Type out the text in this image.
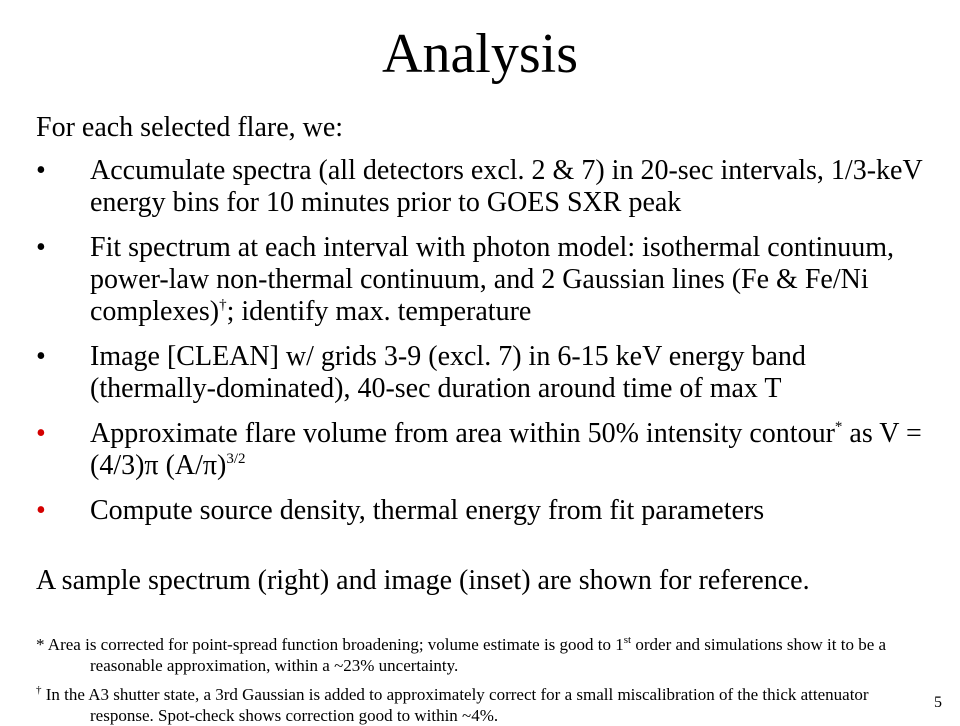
Analysis
For each selected flare, we:
•	Accumulate spectra (all detectors excl. 2 & 7) in 20-sec intervals, 1/3-keV energy bins for 10 minutes prior to GOES SXR peak
•	Fit spectrum at each interval with photon model: isothermal continuum, power-law non-thermal continuum, and 2 Gaussian lines (Fe & Fe/Ni complexes)†; identify max. temperature
•	Image [CLEAN] w/ grids 3-9 (excl. 7) in 6-15 keV energy band (thermally-dominated), 40-sec duration around time of max T
•	Approximate flare volume from area within 50% intensity contour* as V = (4/3)π $(A/\pi)^{3/2}$
•	Compute source density, thermal energy from fit parameters
A sample spectrum (right) and image (inset) are shown for reference.
* Area is corrected for point-spread function broadening; volume estimate is good to 1st order and simulations show it to be a reasonable approximation, within a ~23% uncertainty.
† In the A3 shutter state, a 3rd Gaussian is added to approximately correct for a small miscalibration of the thick attenuator response. Spot-check shows correction good to within ~4%.
5
